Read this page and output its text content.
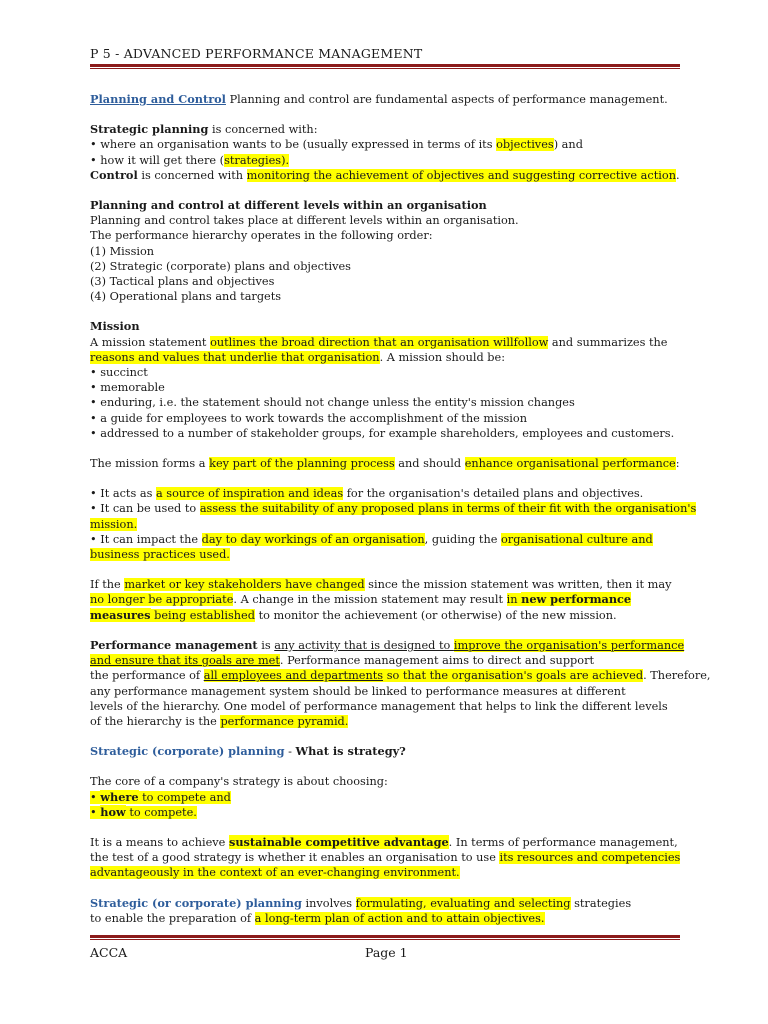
P 5 - ADVANCED PERFORMANCE MANAGEMENT

Planning and Control Planning and control are fundamental aspects of performance management.

Strategic planning is concerned with:

• where an organisation wants to be (usually expressed in terms of its objectives) and

• how it will get there (strategies).

Control is concerned with monitoring the achievement of objectives and suggesting corrective action.

Planning and control at different levels within an organisation

Planning and control takes place at different levels within an organisation.

The performance hierarchy operates in the following order:

(1) Mission

(2) Strategic (corporate) plans and objectives

(3) Tactical plans and objectives

(4) Operational plans and targets

Mission

A mission statement outlines the broad direction that an organisation willfollow and summarizes the

reasons and values that underlie that organisation. A mission should be:

• succinct

• memorable

• enduring, i.e. the statement should not change unless the entity's mission changes

• a guide for employees to work towards the accomplishment of the mission

• addressed to a number of stakeholder groups, for example shareholders, employees and customers.

The mission forms a key part of the planning process and should enhance organisational performance:

• It acts as a source of inspiration and ideas for the organisation's detailed plans and objectives.

• It can be used to assess the suitability of any proposed plans in terms of their fit with the organisation's

mission.

• It can impact the day to day workings of an organisation, guiding the organisational culture and

business practices used.

If the market or key stakeholders have changed since the mission statement was written, then it may

no longer be appropriate. A change in the mission statement may result in new performance

measures being established to monitor the achievement (or otherwise) of the new mission.

Performance management is any activity that is designed to improve the organisation's performance

and ensure that its goals are met. Performance management aims to direct and support

the performance of all employees and departments so that the organisation's goals are achieved. Therefore,

any performance management system should be linked to performance measures at different

levels of the hierarchy. One model of performance management that helps to link the different levels

of the hierarchy is the performance pyramid.

Strategic (corporate) planning - What is strategy?

The core of a company's strategy is about choosing:

• where to compete and

• how to compete.

It is a means to achieve sustainable competitive advantage. In terms of performance management,

the test of a good strategy is whether it enables an organisation to use its resources and competencies

advantageously in the context of an ever-changing environment.

Strategic (or corporate) planning involves formulating, evaluating and selecting strategies

to enable the preparation of a long-term plan of action and to attain objectives.

ACCA	Page 1
